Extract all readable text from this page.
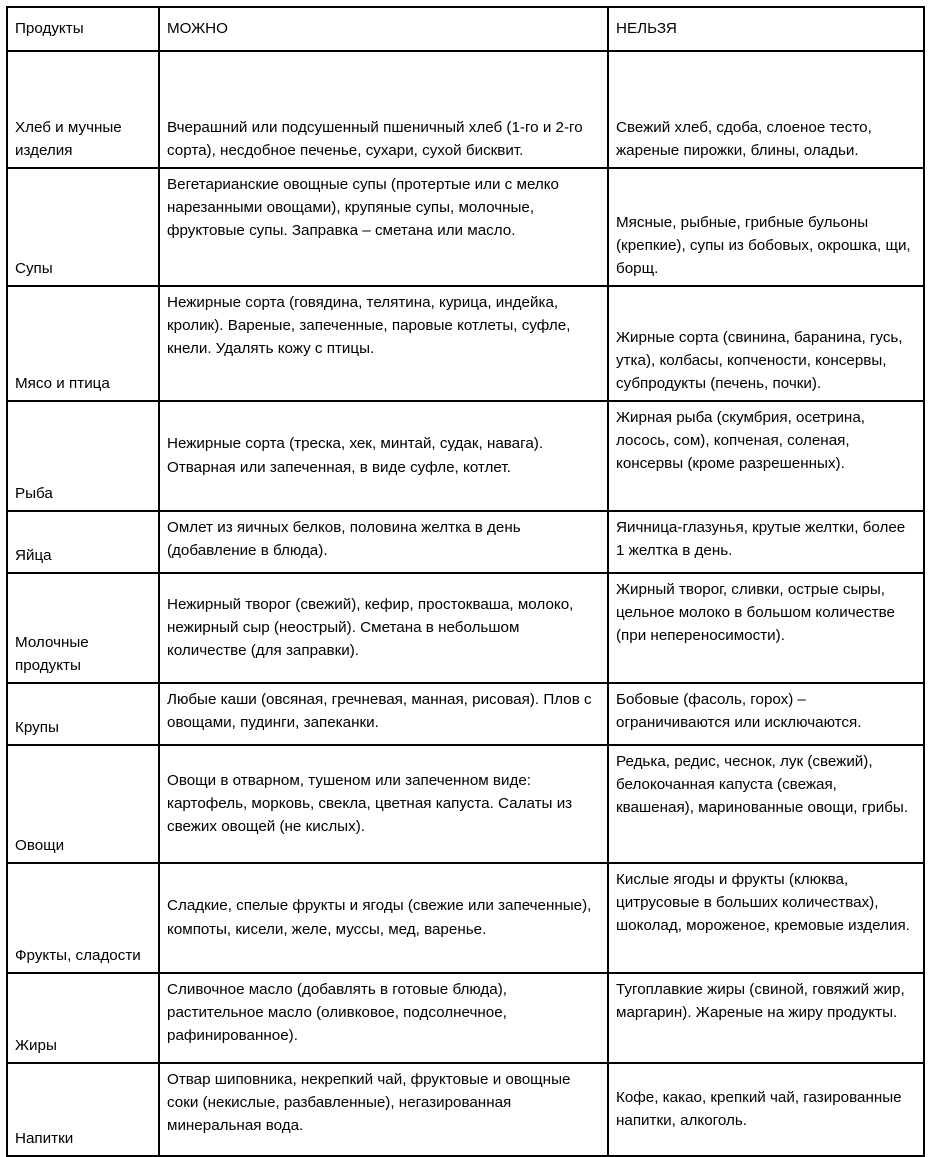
Продукты	МОЖНО	НЕЛЬЗЯ
Хлеб и мучные изделия	Вчерашний или подсушенный пшеничный хлеб (1-го и 2-го сорта), несдобное печенье, сухари, сухой бисквит.	Свежий хлеб, сдоба, слоеное тесто, жареные пирожки, блины, оладьи.
Супы	Вегетарианские овощные супы (протертые или с мелко нарезанными овощами), крупяные супы, молочные, фруктовые супы. Заправка – сметана или масло.	Мясные, рыбные, грибные бульоны (крепкие), супы из бобовых, окрошка, щи, борщ.
Мясо и птица	Нежирные сорта (говядина, телятина, курица, индейка, кролик). Вареные, запеченные, паровые котлеты, суфле, кнели. Удалять кожу с птицы.	Жирные сорта (свинина, баранина, гусь, утка), колбасы, копчености, консервы, субпродукты (печень, почки).
Рыба	Нежирные сорта (треска, хек, минтай, судак, навага). Отварная или запеченная, в виде суфле, котлет.	Жирная рыба (скумбрия, осетрина, лосось, сом), копченая, соленая, консервы (кроме разрешенных).
Яйца	Омлет из яичных белков, половина желтка в день (добавление в блюда).	Яичница-глазунья, крутые желтки, более 1 желтка в день.
Молочные продукты	Нежирный творог (свежий), кефир, простокваша, молоко, нежирный сыр (неострый). Сметана в небольшом количестве (для заправки).	Жирный творог, сливки, острые сыры, цельное молоко в большом количестве (при непереносимости).
Крупы	Любые каши (овсяная, гречневая, манная, рисовая). Плов с овощами, пудинги, запеканки.	Бобовые (фасоль, горох) – ограничиваются или исключаются.
Овощи	Овощи в отварном, тушеном или запеченном виде: картофель, морковь, свекла, цветная капуста. Салаты из свежих овощей (не кислых).	Редька, редис, чеснок, лук (свежий), белокочанная капуста (свежая, квашеная), маринованные овощи, грибы.
Фрукты, сладости	Сладкие, спелые фрукты и ягоды (свежие или запеченные), компоты, кисели, желе, муссы, мед, варенье.	Кислые ягоды и фрукты (клюква, цитрусовые в больших количествах), шоколад, мороженое, кремовые изделия.
Жиры	Сливочное масло (добавлять в готовые блюда), растительное масло (оливковое, подсолнечное, рафинированное).	Тугоплавкие жиры (свиной, говяжий жир, маргарин). Жареные на жиру продукты.
Напитки	Отвар шиповника, некрепкий чай, фруктовые и овощные соки (некислые, разбавленные), негазированная минеральная вода.	Кофе, какао, крепкий чай, газированные напитки, алкоголь.
